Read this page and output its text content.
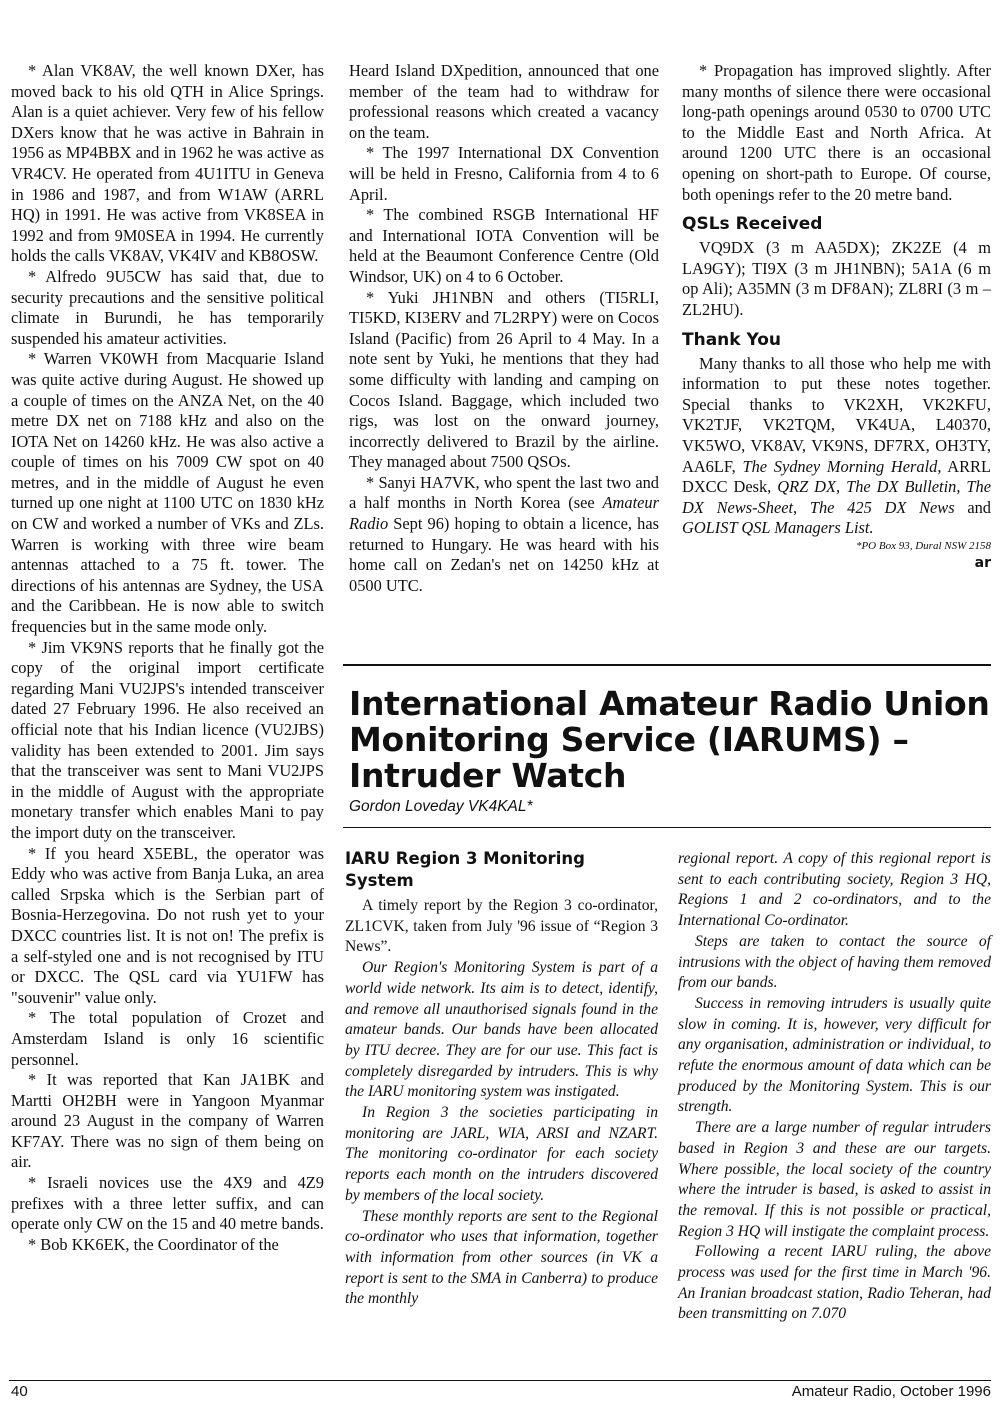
* Alan VK8AV, the well known DXer, has moved back to his old QTH in Alice Springs. Alan is a quiet achiever. Very few of his fellow DXers know that he was active in Bahrain in 1956 as MP4BBX and in 1962 he was active as VR4CV. He operated from 4U1ITU in Geneva in 1986 and 1987, and from W1AW (ARRL HQ) in 1991. He was active from VK8SEA in 1992 and from 9M0SEA in 1994. He currently holds the calls VK8AV, VK4IV and KB8OSW.

* Alfredo 9U5CW has said that, due to security precautions and the sensitive political climate in Burundi, he has temporarily suspended his amateur activities.

* Warren VK0WH from Macquarie Island was quite active during August. He showed up a couple of times on the ANZA Net, on the 40 metre DX net on 7188 kHz and also on the IOTA Net on 14260 kHz. He was also active a couple of times on his 7009 CW spot on 40 metres, and in the middle of August he even turned up one night at 1100 UTC on 1830 kHz on CW and worked a number of VKs and ZLs. Warren is working with three wire beam antennas attached to a 75 ft. tower. The directions of his antennas are Sydney, the USA and the Caribbean. He is now able to switch frequencies but in the same mode only.

* Jim VK9NS reports that he finally got the copy of the original import certificate regarding Mani VU2JPS's intended transceiver dated 27 February 1996. He also received an official note that his Indian licence (VU2JBS) validity has been extended to 2001. Jim says that the transceiver was sent to Mani VU2JPS in the middle of August with the appropriate monetary transfer which enables Mani to pay the import duty on the transceiver.

* If you heard X5EBL, the operator was Eddy who was active from Banja Luka, an area called Srpska which is the Serbian part of Bosnia-Herzegovina. Do not rush yet to your DXCC countries list. It is not on! The prefix is a self-styled one and is not recognised by ITU or DXCC. The QSL card via YU1FW has "souvenir" value only.

* The total population of Crozet and Amsterdam Island is only 16 scientific personnel.

* It was reported that Kan JA1BK and Martti OH2BH were in Yangoon Myanmar around 23 August in the company of Warren KF7AY. There was no sign of them being on air.

* Israeli novices use the 4X9 and 4Z9 prefixes with a three letter suffix, and can operate only CW on the 15 and 40 metre bands.

* Bob KK6EK, the Coordinator of the

Heard Island DXpedition, announced that one member of the team had to withdraw for professional reasons which created a vacancy on the team.

* The 1997 International DX Convention will be held in Fresno, California from 4 to 6 April.

* The combined RSGB International HF and International IOTA Convention will be held at the Beaumont Conference Centre (Old Windsor, UK) on 4 to 6 October.

* Yuki JH1NBN and others (TI5RLI, TI5KD, KI3ERV and 7L2RPY) were on Cocos Island (Pacific) from 26 April to 4 May. In a note sent by Yuki, he mentions that they had some difficulty with landing and camping on Cocos Island. Baggage, which included two rigs, was lost on the onward journey, incorrectly delivered to Brazil by the airline. They managed about 7500 QSOs.

* Sanyi HA7VK, who spent the last two and a half months in North Korea (see Amateur Radio Sept 96) hoping to obtain a licence, has returned to Hungary. He was heard with his home call on Zedan's net on 14250 kHz at 0500 UTC.

* Propagation has improved slightly. After many months of silence there were occasional long-path openings around 0530 to 0700 UTC to the Middle East and North Africa. At around 1200 UTC there is an occasional opening on short-path to Europe. Of course, both openings refer to the 20 metre band.

QSLs Received

VQ9DX (3 m AA5DX); ZK2ZE (4 m LA9GY); TI9X (3 m JH1NBN); 5A1A (6 m op Ali); A35MN (3 m DF8AN); ZL8RI (3 m – ZL2HU).

Thank You

Many thanks to all those who help me with information to put these notes together. Special thanks to VK2XH, VK2KFU, VK2TJF, VK2TQM, VK4UA, L40370, VK5WO, VK8AV, VK9NS, DF7RX, OH3TY, AA6LF, The Sydney Morning Herald, ARRL DXCC Desk, QRZ DX, The DX Bulletin, The DX News-Sheet, The 425 DX News and GOLIST QSL Managers List.

*PO Box 93, Dural NSW 2158
ar
International Amateur Radio Union Monitoring Service (IARUMS) – Intruder Watch
Gordon Loveday VK4KAL*
IARU Region 3 Monitoring System

A timely report by the Region 3 co-ordinator, ZL1CVK, taken from July '96 issue of “Region 3 News”.

Our Region's Monitoring System is part of a world wide network. Its aim is to detect, identify, and remove all unauthorised signals found in the amateur bands. Our bands have been allocated by ITU decree. They are for our use. This fact is completely disregarded by intruders. This is why the IARU monitoring system was instigated.

In Region 3 the societies participating in monitoring are JARL, WIA, ARSI and NZART. The monitoring co-ordinator for each society reports each month on the intruders discovered by members of the local society.

These monthly reports are sent to the Regional co-ordinator who uses that information, together with information from other sources (in VK a report is sent to the SMA in Canberra) to produce the monthly

regional report. A copy of this regional report is sent to each contributing society, Region 3 HQ, Regions 1 and 2 co-ordinators, and to the International Co-ordinator.

Steps are taken to contact the source of intrusions with the object of having them removed from our bands.

Success in removing intruders is usually quite slow in coming. It is, however, very difficult for any organisation, administration or individual, to refute the enormous amount of data which can be produced by the Monitoring System. This is our strength.

There are a large number of regular intruders based in Region 3 and these are our targets. Where possible, the local society of the country where the intruder is based, is asked to assist in the removal. If this is not possible or practical, Region 3 HQ will instigate the complaint process.

Following a recent IARU ruling, the above process was used for the first time in March '96. An Iranian broadcast station, Radio Teheran, had been transmitting on 7.070

40	Amateur Radio, October 1996
